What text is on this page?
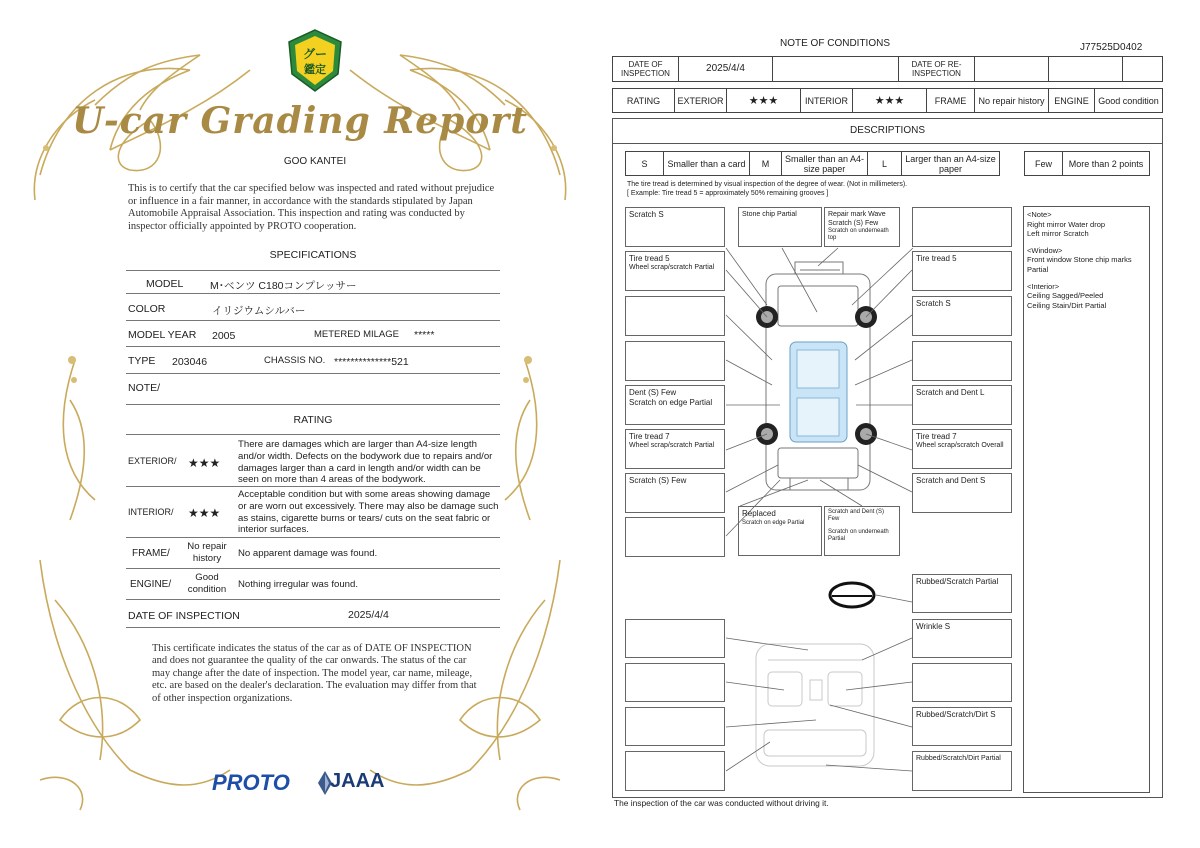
グー
鑑定
U-car Grading Report
GOO KANTEI
This is to certify that the car specified below was inspected and rated without prejudice or influence in a fair manner, in accordance with the standards stipulated by Japan Automobile Appraisal Association. This inspection and rating was conducted by inspector officially appointed by PROTO cooperation.
SPECIFICATIONS
MODEL	M･ベンツ C180コンプレッサー
COLOR	イリジウムシルバー
MODEL YEAR 2005	METERED MILAGE *****
TYPE 203046	CHASSIS NO. **************521
NOTE/
RATING
EXTERIOR/ ★★★
There are damages which are larger than A4-size length and/or width. Defects on the bodywork due to repairs and/or damages larger than a card in length and/or width can be seen on more than 4 areas of the bodywork.
INTERIOR/ ★★★
Acceptable condition but with some areas showing damage or are worn out excessively. There may also be damage such as stains, cigarette burns or tears/ cuts on the seat fabric or interior surfaces.
FRAME/
No repair history	No apparent damage was found.
ENGINE/
Good condition	Nothing irregular was found.
DATE OF INSPECTION	2025/4/4
This certificate indicates the status of the car as of DATE OF INSPECTION and does not guarantee the quality of the car onwards. The status of the car may change after the date of inspection. The model year, car name, mileage, etc. are based on the dealer's declaration. The evaluation may differ from that of other inspection organizations.
PROTO JAAA
NOTE OF CONDITIONS	J77525D0402
DATE OF INSPECTION	2025/4/4		DATE OF RE-INSPECTION			
RATING	EXTERIOR	★★★	INTERIOR	★★★	FRAME	No repair history	ENGINE	Good condition
DESCRIPTIONS
S	Smaller than a card	M	Smaller than an A4-size paper	L	Larger than an A4-size paper	Few	More than 2 points
The tire tread is determined by visual inspection of the degree of wear. (Not in millimeters).
[ Example: Tire tread 5 = approximately 50% remaining grooves ]
Scratch S
Tire tread 5
Wheel scrap/scratch Partial
Dent (S) Few
Scratch on edge Partial
Tire tread 7
Wheel scrap/scratch Partial
Scratch (S) Few
Stone chip Partial	Repair mark Wave
Scratch (S) Few
Scratch on underneath top
Replaced
Scratch on edge Partial
Scratch and Dent (S) Few
Scratch on underneath Partial
Tire tread 5
Scratch S
Scratch and Dent L
Tire tread 7
Wheel scrap/scratch Overall
Scratch and Dent S
Rubbed/Scratch Partial
Wrinkle S
Rubbed/Scratch/Dirt S
Rubbed/Scratch/Dirt Partial
<Note>
Right mirror Water drop
Left mirror Scratch
<Window>
Front window Stone chip marks Partial
<Interior>
Ceiling Sagged/Peeled
Ceiling Stain/Dirt Partial
The inspection of the car was conducted without driving it.
